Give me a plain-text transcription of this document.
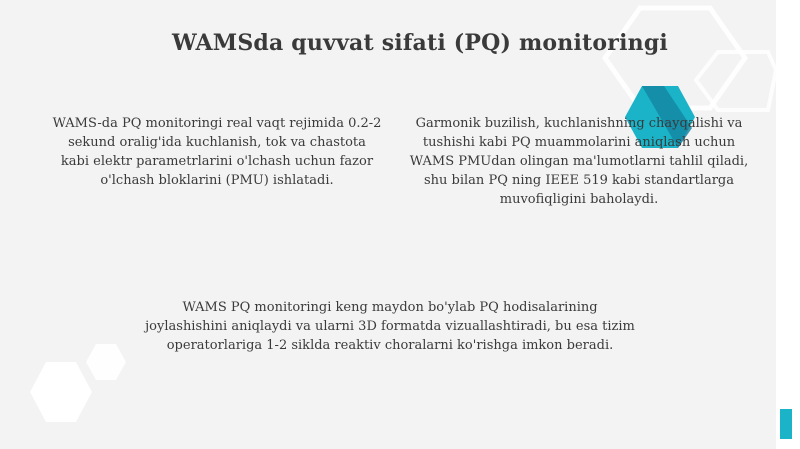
WAMSda quvvat sifati (PQ) monitoringi
WAMS-da PQ monitoringi real vaqt rejimida 0.2-2 sekund oralig'ida kuchlanish, tok va chastota kabi elektr parametrlarini o'lchash uchun fazor o'lchash bloklarini (PMU) ishlatadi.
Garmonik buzilish, kuchlanishning chayqalishi va tushishi kabi PQ muammolarini aniqlash uchun WAMS PMUdan olingan ma'lumotlarni tahlil qiladi, shu bilan PQ ning IEEE 519 kabi standartlarga muvofiqligini baholaydi.
WAMS PQ monitoringi keng maydon bo'ylab PQ hodisalarining joylashishini aniqlaydi va ularni 3D formatda vizuallashtiradi, bu esa tizim operatorlariga 1-2 siklda reaktiv choralarni ko'rishga imkon beradi.
